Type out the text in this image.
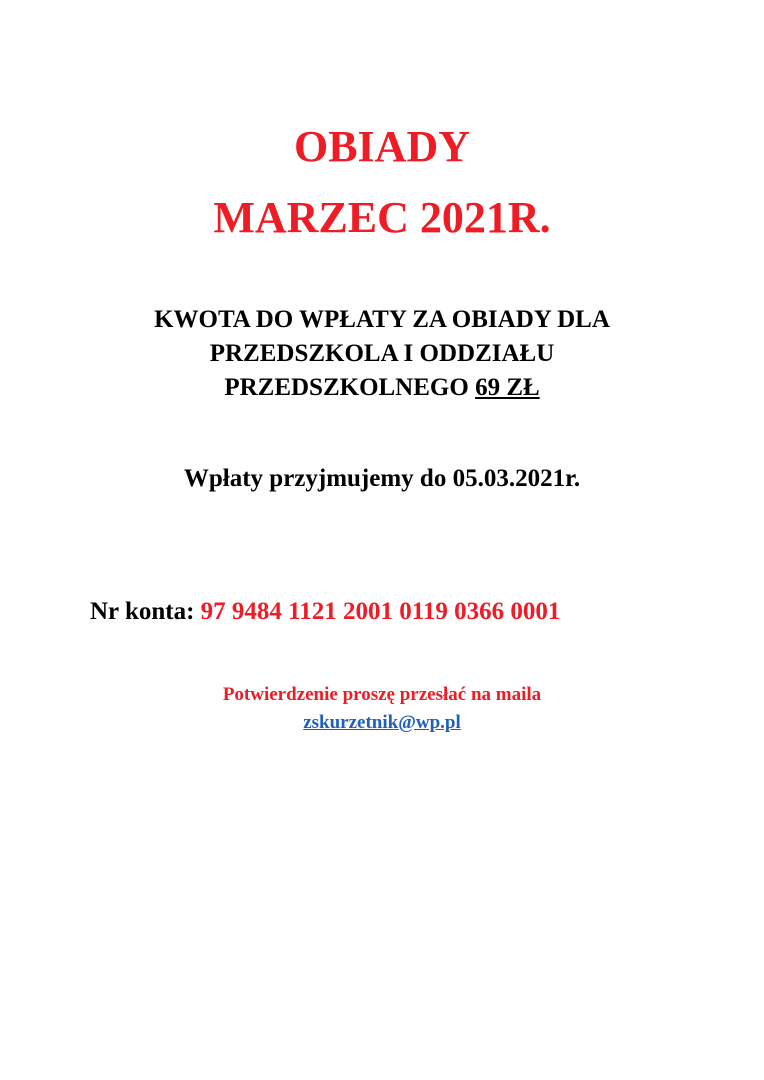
OBIADY
MARZEC 2021R.
KWOTA DO WPŁATY ZA OBIADY DLA
PRZEDSZKOLA I ODDZIAŁU
PRZEDSZKOLNEGO 69 ZŁ
Wpłaty przyjmujemy do 05.03.2021r.
Nr konta: 97 9484 1121 2001 0119 0366 0001
Potwierdzenie proszę przesłać na maila
zskurzetnik@wp.pl
